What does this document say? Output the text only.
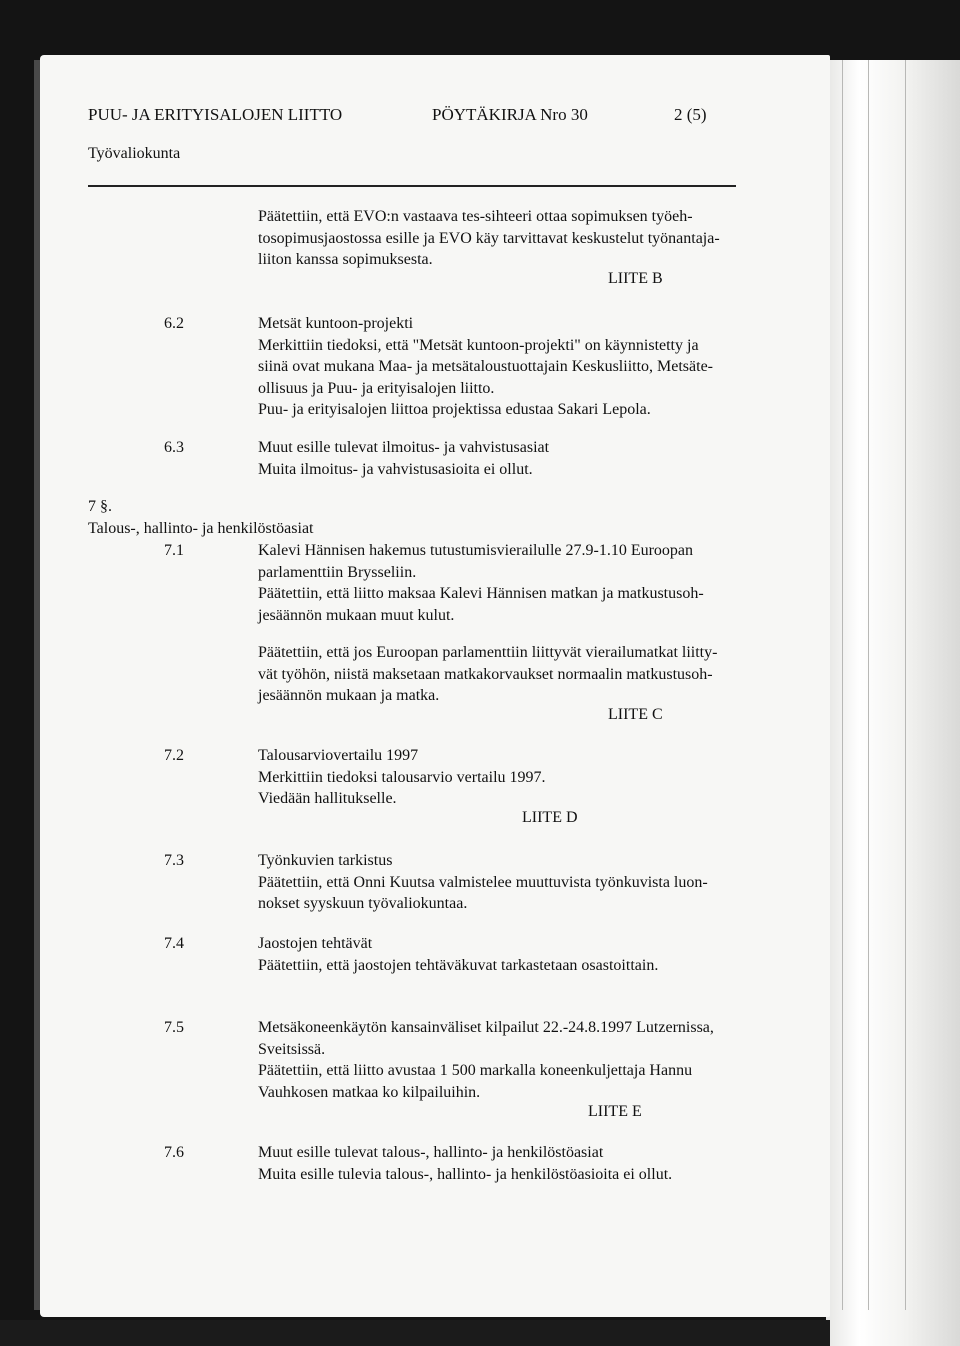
PUU- JA ERITYISALOJEN LIITTO	PÖYTÄKIRJA Nro 30	2 (5)
Työvaliokunta
Päätettiin, että EVO:n vastaava tes-sihteeri ottaa sopimuksen työeh-
tosopimusjaostossa esille ja EVO käy tarvittavat keskustelut työnantaja-
liiton kanssa sopimuksesta.
LIITE B
6.2	Metsät kuntoon-projekti
Merkittiin tiedoksi, että "Metsät kuntoon-projekti" on käynnistetty ja
siinä ovat mukana Maa- ja metsätaloustuottajain Keskusliitto, Metsäte-
ollisuus ja Puu- ja erityisalojen liitto.
Puu- ja erityisalojen liittoa projektissa edustaa Sakari Lepola.
6.3	Muut esille tulevat ilmoitus- ja vahvistusasiat
Muita ilmoitus- ja vahvistusasioita ei ollut.
7 §.
Talous-, hallinto- ja henkilöstöasiat
7.1	Kalevi Hännisen hakemus tutustumisvierailulle 27.9-1.10 Euroopan
parlamenttiin Brysseliin.
Päätettiin, että liitto maksaa Kalevi Hännisen matkan ja matkustusoh-
jesäännön mukaan muut kulut.
Päätettiin, että jos Euroopan parlamenttiin liittyvät vierailumatkat liitty-
vät työhön, niistä maksetaan matkakorvaukset normaalin matkustusoh-
jesäännön mukaan ja matka.
LIITE C
7.2	Talousarviovertailu 1997
Merkittiin tiedoksi talousarvio vertailu 1997.
Viedään hallitukselle.
LIITE D
7.3	Työnkuvien tarkistus
Päätettiin, että Onni Kuutsa valmistelee muuttuvista työnkuvista luon-
nokset syyskuun työvaliokuntaa.
7.4	Jaostojen tehtävät
Päätettiin, että jaostojen tehtäväkuvat tarkastetaan osastoittain.
7.5	Metsäkoneenkäytön kansainväliset kilpailut 22.-24.8.1997 Lutzernissa,
Sveitsissä.
Päätettiin, että liitto avustaa 1 500 markalla koneenkuljettaja Hannu
Vauhkosen matkaa ko kilpailuihin.
LIITE E
7.6	Muut esille tulevat talous-, hallinto- ja henkilöstöasiat
Muita esille tulevia talous-, hallinto- ja henkilöstöasioita ei ollut.
